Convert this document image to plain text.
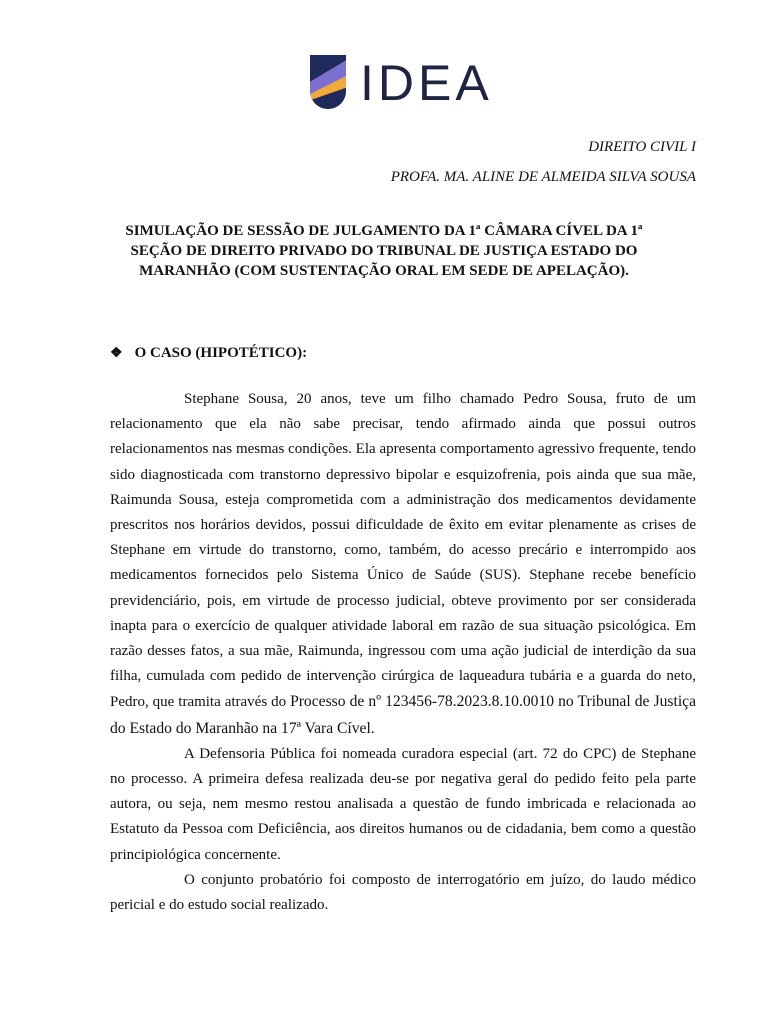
IDEA
DIREITO CIVIL I
PROFA. MA. ALINE DE ALMEIDA SILVA SOUSA
SIMULAÇÃO DE SESSÃO DE JULGAMENTO DA 1ª CÂMARA CÍVEL DA 1ª SEÇÃO DE DIREITO PRIVADO DO TRIBUNAL DE JUSTIÇA ESTADO DO MARANHÃO (COM SUSTENTAÇÃO ORAL EM SEDE DE APELAÇÃO).
❖ O CASO (HIPOTÉTICO):

Stephane Sousa, 20 anos, teve um filho chamado Pedro Sousa, fruto de um relacionamento que ela não sabe precisar, tendo afirmado ainda que possui outros relacionamentos nas mesmas condições. Ela apresenta comportamento agressivo frequente, tendo sido diagnosticada com transtorno depressivo bipolar e esquizofrenia, pois ainda que sua mãe, Raimunda Sousa, esteja comprometida com a administração dos medicamentos devidamente prescritos nos horários devidos, possui dificuldade de êxito em evitar plenamente as crises de Stephane em virtude do transtorno, como, também, do acesso precário e interrompido aos medicamentos fornecidos pelo Sistema Único de Saúde (SUS). Stephane recebe benefício previdenciário, pois, em virtude de processo judicial, obteve provimento por ser considerada inapta para o exercício de qualquer atividade laboral em razão de sua situação psicológica. Em razão desses fatos, a sua mãe, Raimunda, ingressou com uma ação judicial de interdição da sua filha, cumulada com pedido de intervenção cirúrgica de laqueadura tubária e a guarda do neto, Pedro, que tramita através do Processo de nº 123456-78.2023.8.10.0010 no Tribunal de Justiça do Estado do Maranhão na 17ª Vara Cível.

A Defensoria Pública foi nomeada curadora especial (art. 72 do CPC) de Stephane no processo. A primeira defesa realizada deu-se por negativa geral do pedido feito pela parte autora, ou seja, nem mesmo restou analisada a questão de fundo imbricada e relacionada ao Estatuto da Pessoa com Deficiência, aos direitos humanos ou de cidadania, bem como a questão principiológica concernente.

O conjunto probatório foi composto de interrogatório em juízo, do laudo médico pericial e do estudo social realizado.
